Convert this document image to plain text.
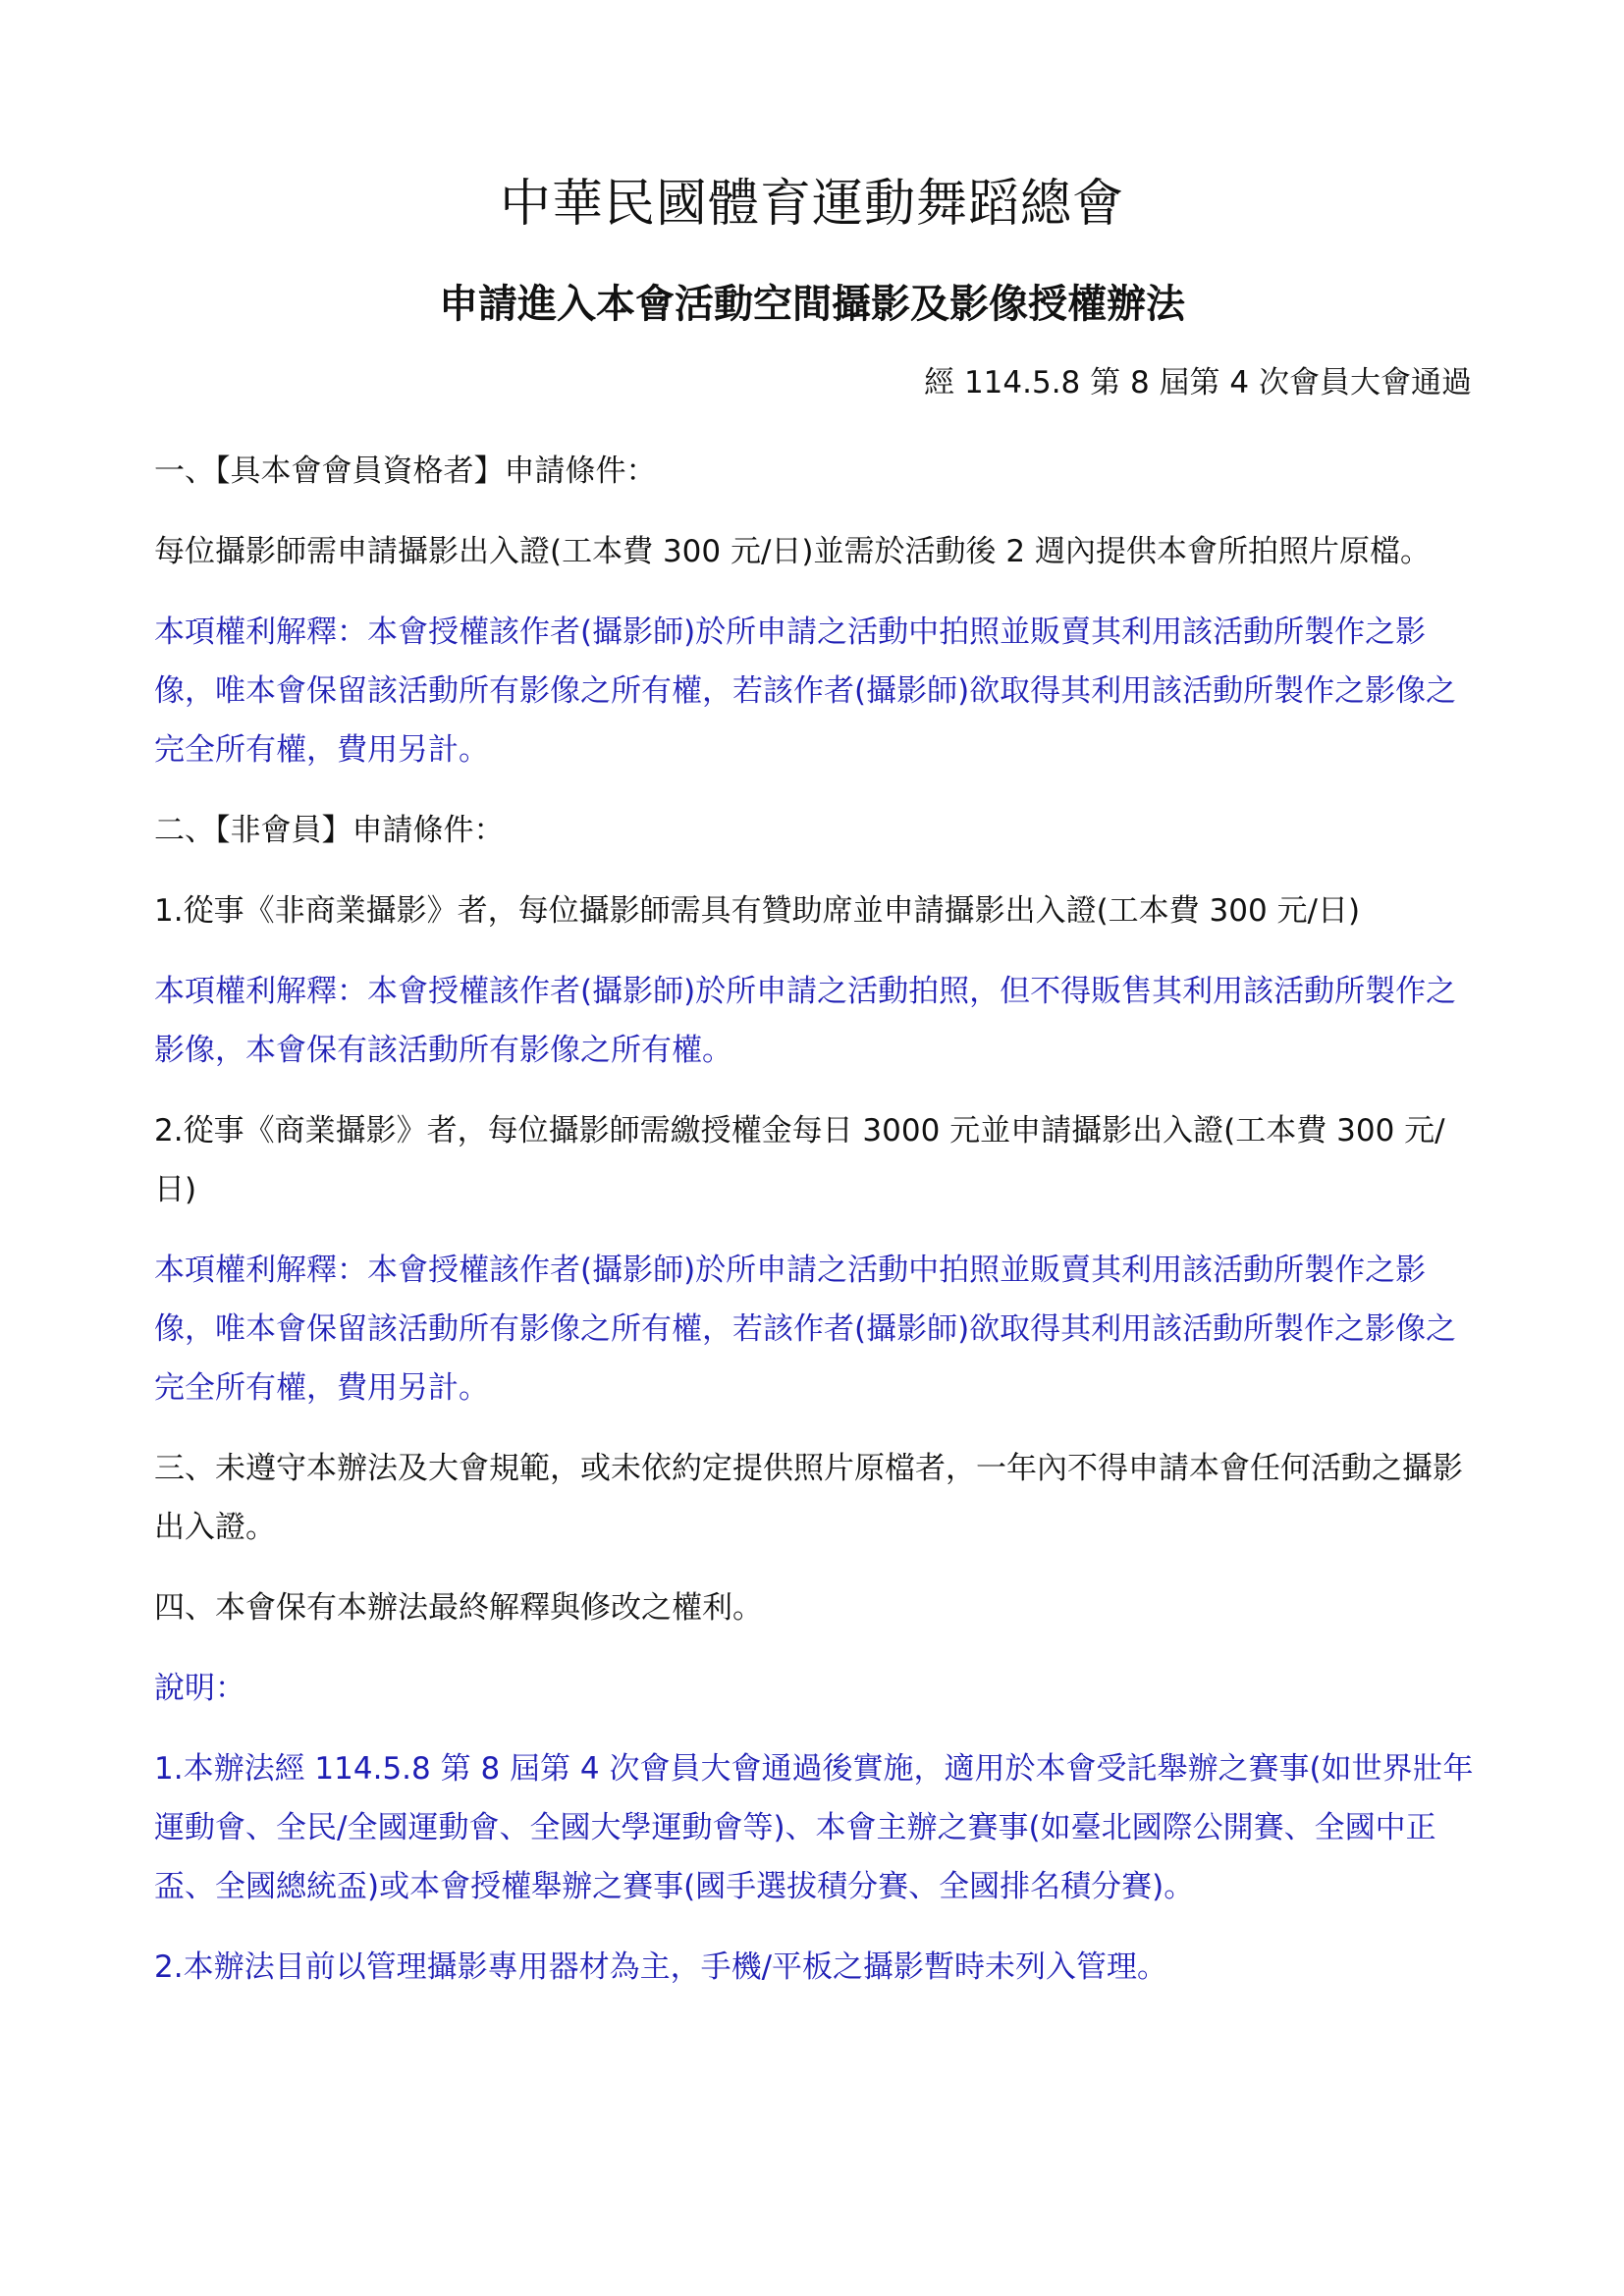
中華民國體育運動舞蹈總會
申請進入本會活動空間攝影及影像授權辦法

經 114.5.8 第 8 屆第 4 次會員大會通過

一、【具本會會員資格者】申請條件：

每位攝影師需申請攝影出入證(工本費 300 元/日)並需於活動後 2 週內提供本會所拍照片原檔。

本項權利解釋：本會授權該作者(攝影師)於所申請之活動中拍照並販賣其利用該活動所製作之影像，唯本會保留該活動所有影像之所有權，若該作者(攝影師)欲取得其利用該活動所製作之影像之完全所有權，費用另計。

二、【非會員】申請條件：

1.從事《非商業攝影》者，每位攝影師需具有贊助席並申請攝影出入證(工本費 300 元/日)

本項權利解釋：本會授權該作者(攝影師)於所申請之活動拍照，但不得販售其利用該活動所製作之影像，本會保有該活動所有影像之所有權。

2.從事《商業攝影》者，每位攝影師需繳授權金每日 3000 元並申請攝影出入證(工本費 300 元/日)

本項權利解釋：本會授權該作者(攝影師)於所申請之活動中拍照並販賣其利用該活動所製作之影像，唯本會保留該活動所有影像之所有權，若該作者(攝影師)欲取得其利用該活動所製作之影像之完全所有權，費用另計。

三、未遵守本辦法及大會規範，或未依約定提供照片原檔者，一年內不得申請本會任何活動之攝影出入證。

四、本會保有本辦法最終解釋與修改之權利。

說明：

1.本辦法經 114.5.8 第 8 屆第 4 次會員大會通過後實施，適用於本會受託舉辦之賽事(如世界壯年運動會、全民/全國運動會、全國大學運動會等)、本會主辦之賽事(如臺北國際公開賽、全國中正盃、全國總統盃)或本會授權舉辦之賽事(國手選拔積分賽、全國排名積分賽)。

2.本辦法目前以管理攝影專用器材為主，手機/平板之攝影暫時未列入管理。
